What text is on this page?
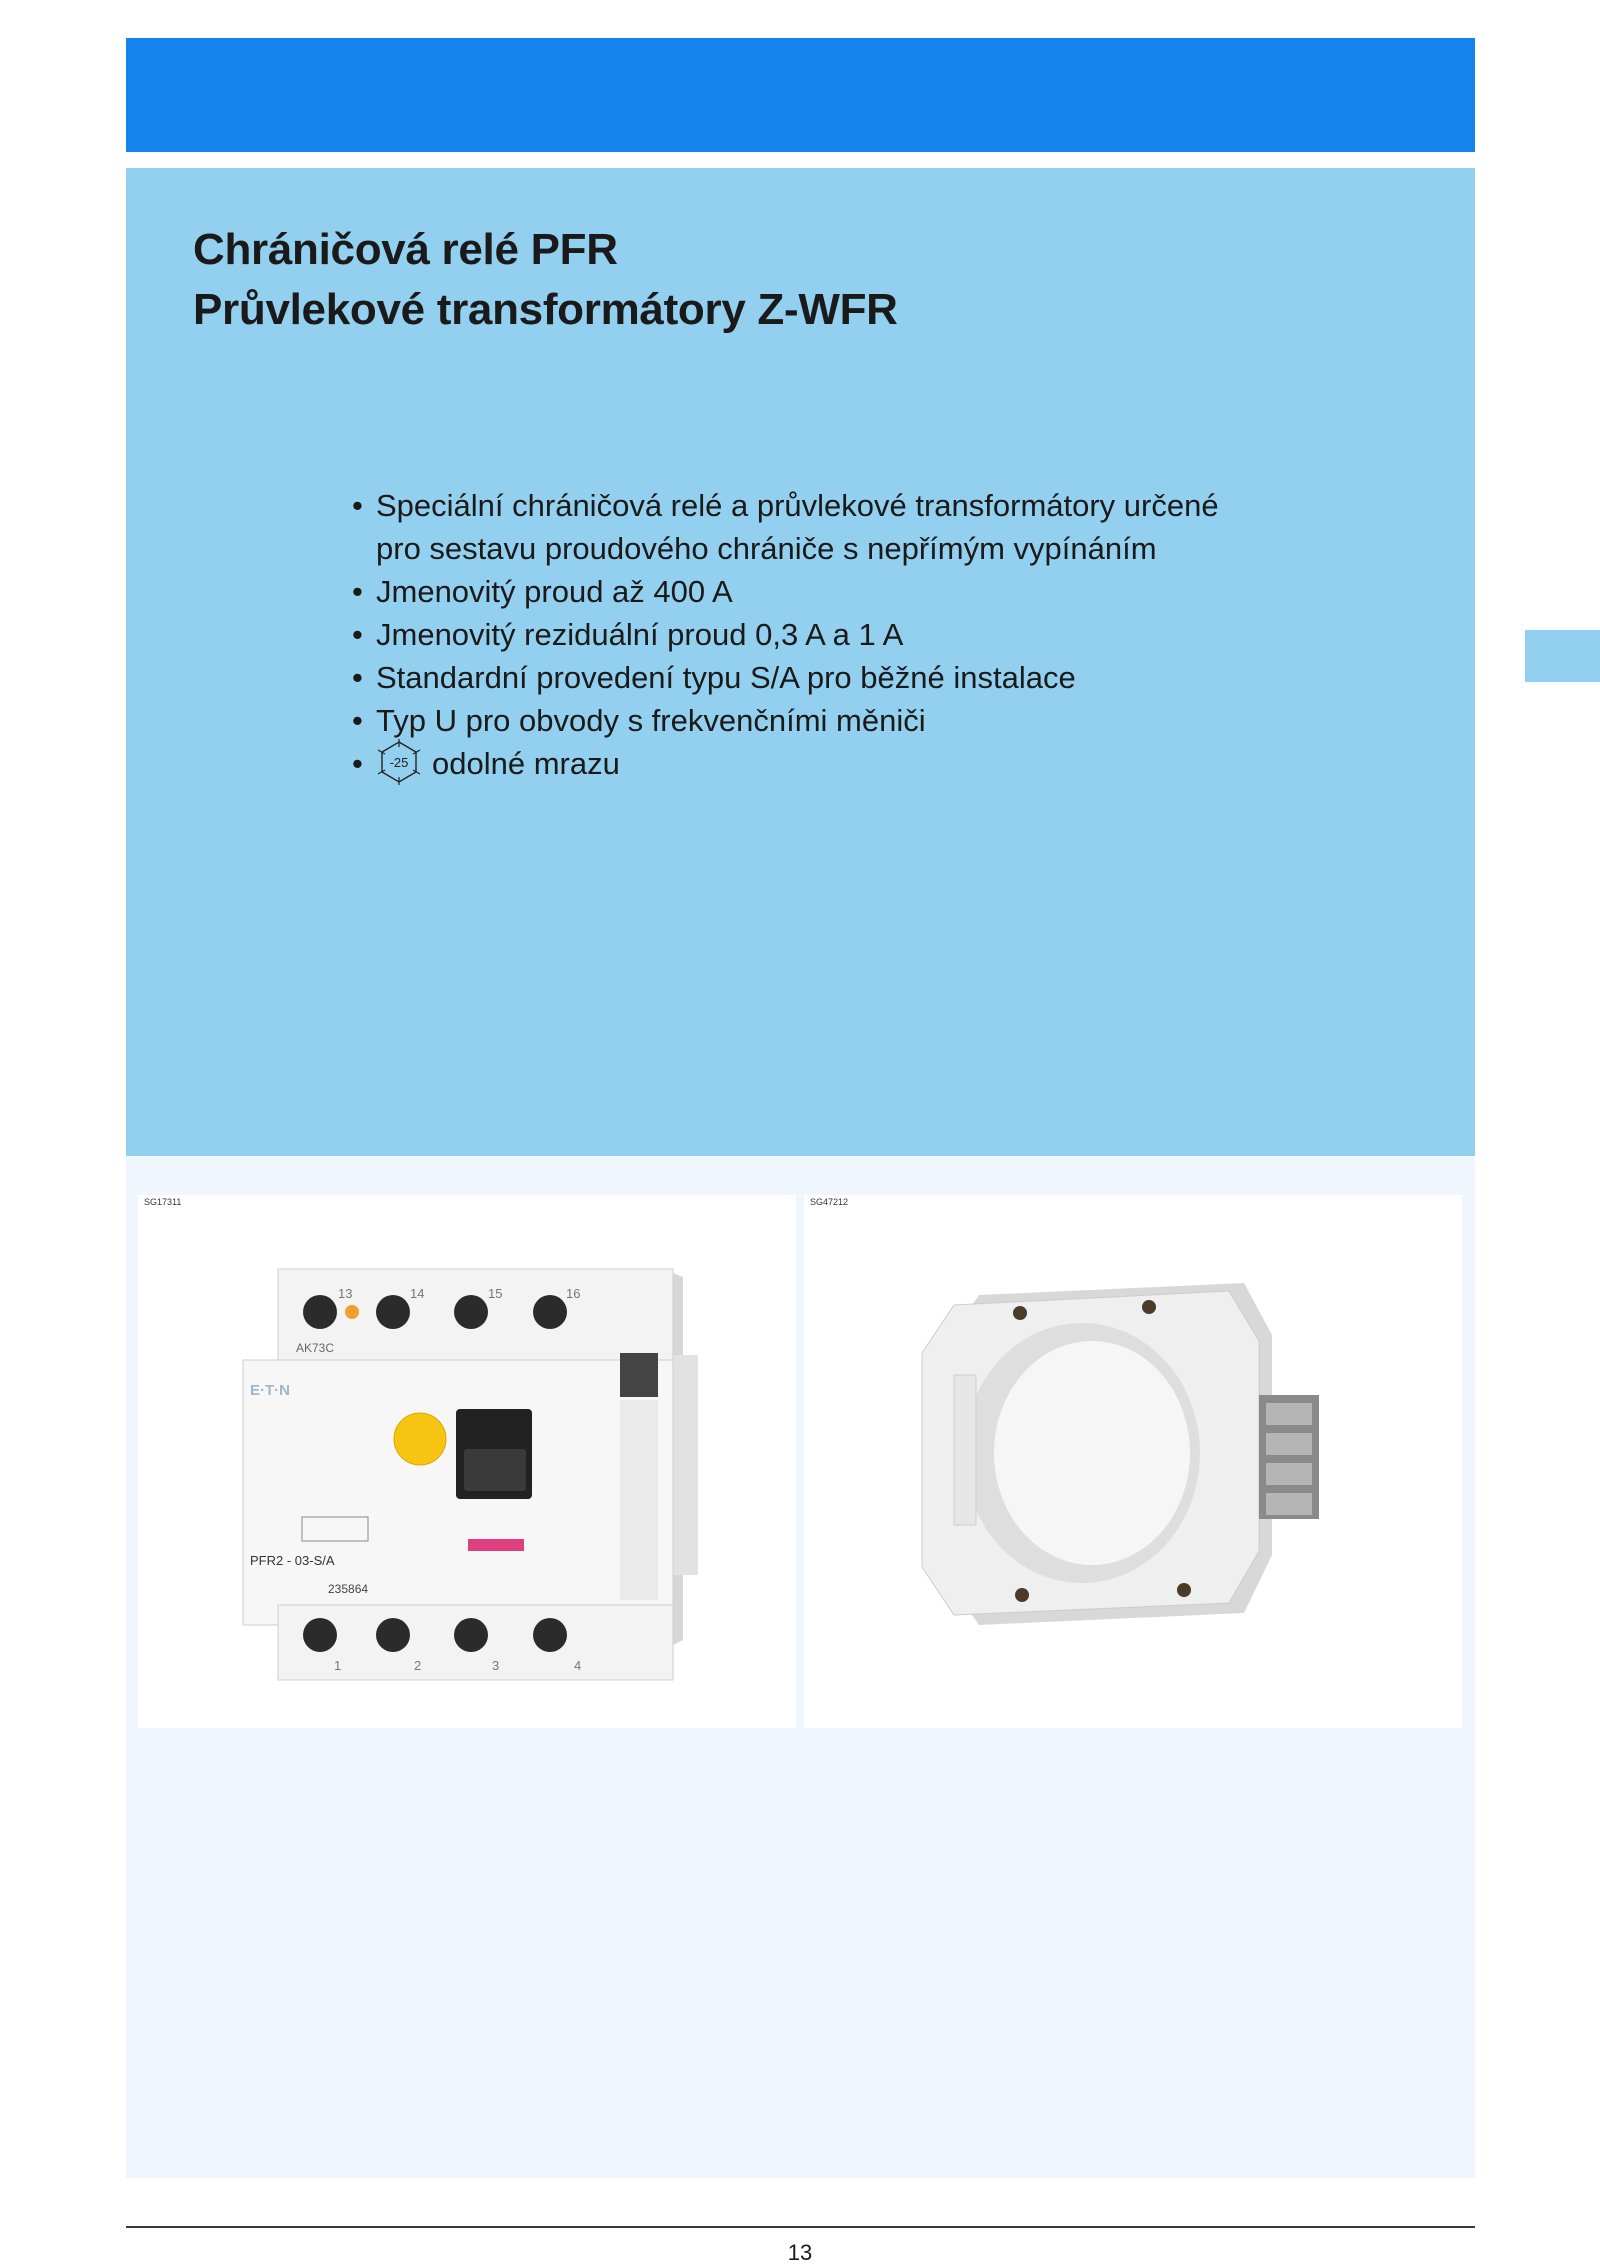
Chráničová relé PFR
Průvlekové transformátory Z-WFR
• Speciální chráničová relé a průvlekové transformátory určené
pro sestavu proudového chrániče s nepřímým vypínáním
• Jmenovitý proud až 400 A
• Jmenovitý reziduální proud 0,3 A a 1 A
• Standardní provedení typu S/A pro běžné instalace
• Typ U pro obvody s frekvenčními měniči
• -25 odolné mrazu
SG17311
13	14	15	16
AK73C
E·T·N
PFR2 - 03-S/A
235864
1	2	3	4
SG47212
13
